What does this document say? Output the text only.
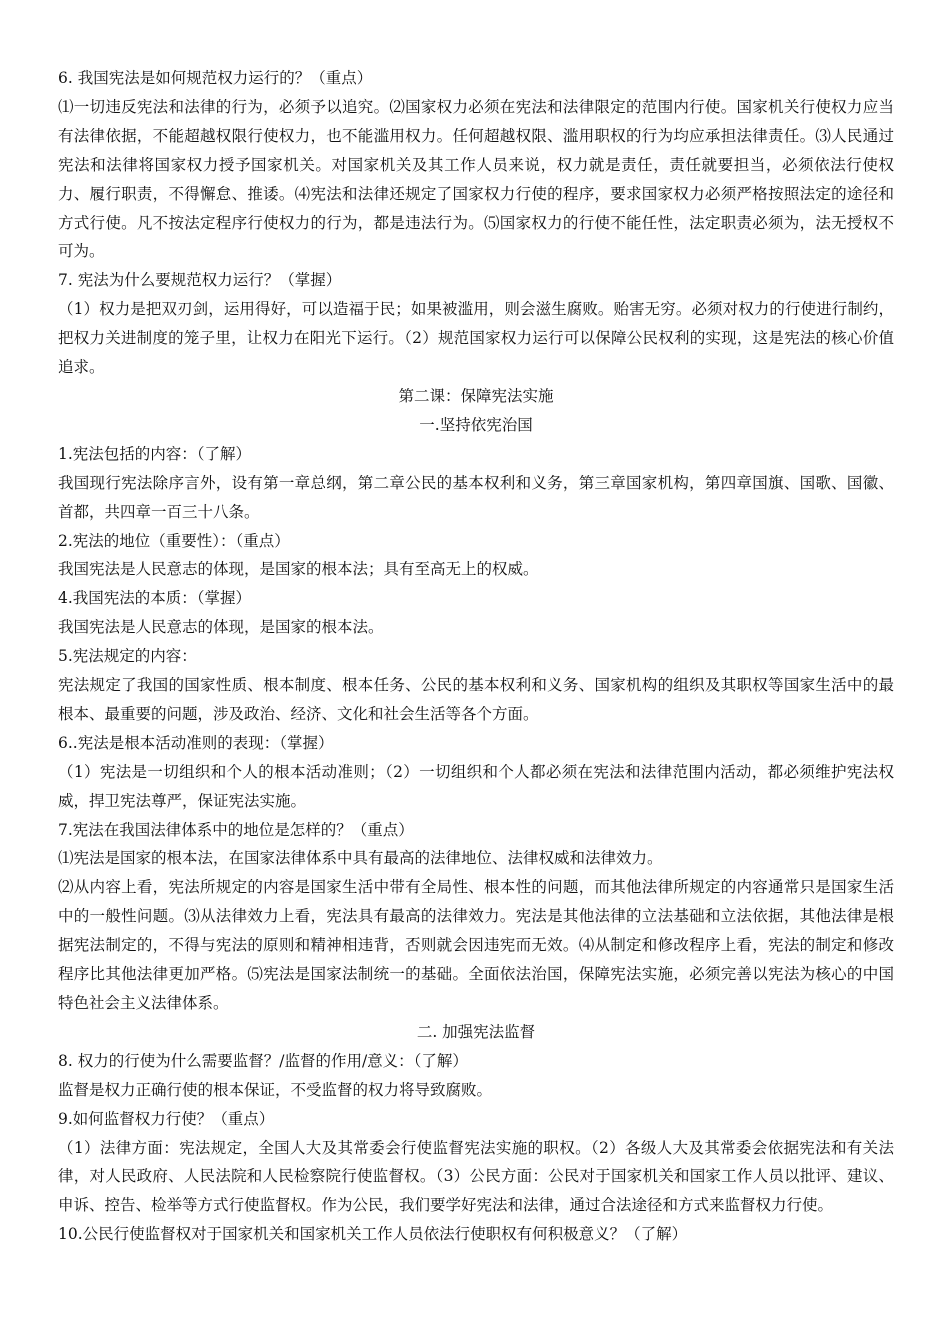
6. 我国宪法是如何规范权力运行的？（重点）

⑴一切违反宪法和法律的行为，必须予以追究。⑵国家权力必须在宪法和法律限定的范围内行使。国家机关行使权力应当有法律依据，不能超越权限行使权力，也不能滥用权力。任何超越权限、滥用职权的行为均应承担法律责任。⑶人民通过宪法和法律将国家权力授予国家机关。对国家机关及其工作人员来说，权力就是责任，责任就要担当，必须依法行使权力、履行职责，不得懈怠、推诿。⑷宪法和法律还规定了国家权力行使的程序，要求国家权力必须严格按照法定的途径和方式行使。凡不按法定程序行使权力的行为，都是违法行为。⑸国家权力的行使不能任性，法定职责必须为，法无授权不可为。

7. 宪法为什么要规范权力运行？（掌握）

（1）权力是把双刃剑，运用得好，可以造福于民；如果被滥用，则会滋生腐败。贻害无穷。必须对权力的行使进行制约，把权力关进制度的笼子里，让权力在阳光下运行。（2）规范国家权力运行可以保障公民权利的实现，这是宪法的核心价值追求。

第二课：保障宪法实施

一.坚持依宪治国

1.宪法包括的内容：（了解）

我国现行宪法除序言外，设有第一章总纲，第二章公民的基本权利和义务，第三章国家机构，第四章国旗、国歌、国徽、首都，共四章一百三十八条。

2.宪法的地位（重要性）：（重点）

我国宪法是人民意志的体现，是国家的根本法；具有至高无上的权威。

4.我国宪法的本质：（掌握）

我国宪法是人民意志的体现，是国家的根本法。

5.宪法规定的内容：

宪法规定了我国的国家性质、根本制度、根本任务、公民的基本权利和义务、国家机构的组织及其职权等国家生活中的最根本、最重要的问题，涉及政治、经济、文化和社会生活等各个方面。

6..宪法是根本活动准则的表现：（掌握）

（1）宪法是一切组织和个人的根本活动准则；（2）一切组织和个人都必须在宪法和法律范围内活动，都必须维护宪法权威，捍卫宪法尊严，保证宪法实施。

7.宪法在我国法律体系中的地位是怎样的？（重点）

⑴宪法是国家的根本法，在国家法律体系中具有最高的法律地位、法律权威和法律效力。

⑵从内容上看，宪法所规定的内容是国家生活中带有全局性、根本性的问题，而其他法律所规定的内容通常只是国家生活中的一般性问题。⑶从法律效力上看，宪法具有最高的法律效力。宪法是其他法律的立法基础和立法依据，其他法律是根据宪法制定的，不得与宪法的原则和精神相违背，否则就会因违宪而无效。⑷从制定和修改程序上看，宪法的制定和修改程序比其他法律更加严格。⑸宪法是国家法制统一的基础。全面依法治国，保障宪法实施，必须完善以宪法为核心的中国特色社会主义法律体系。

二. 加强宪法监督

8. 权力的行使为什么需要监督？/监督的作用/意义：（了解）

监督是权力正确行使的根本保证，不受监督的权力将导致腐败。

9.如何监督权力行使？（重点）

（1）法律方面：宪法规定，全国人大及其常委会行使监督宪法实施的职权。（2）各级人大及其常委会依据宪法和有关法律，对人民政府、人民法院和人民检察院行使监督权。（3）公民方面：公民对于国家机关和国家工作人员以批评、建议、申诉、控告、检举等方式行使监督权。作为公民，我们要学好宪法和法律，通过合法途径和方式来监督权力行使。

10.公民行使监督权对于国家机关和国家机关工作人员依法行使职权有何积极意义？（了解）
